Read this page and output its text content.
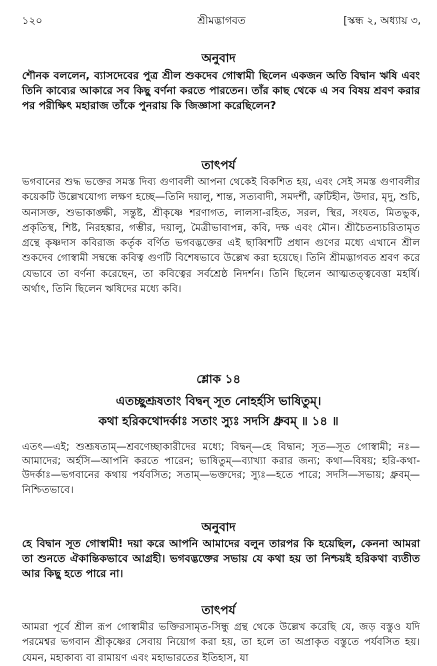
১২০	শ্রীমদ্ভাগবত	[স্কন্ধ ২, অধ্যায় ৩,
অনুবাদ

শৌনক বললেন, ব্যাসদেবের পুত্র শ্রীল শুকদেব গোস্বামী ছিলেন একজন অতি বিদ্বান ঋষি এবং তিনি কাব্যের আকারে সব কিছু বর্ণনা করতে পারতেন। তাঁর কাছ থেকে এ সব বিষয় শ্রবণ করার পর পরীক্ষিৎ মহারাজ তাঁকে পুনরায় কি জিজ্ঞাসা করেছিলেন?

তাৎপর্য

ভগবানের শুদ্ধ ভক্তের সমস্ত দিব্য গুণাবলী আপনা থেকেই বিকশিত হয়, এবং সেই সমস্ত গুণাবলীর কয়েকটি উল্লেখযোগ্য লক্ষণ হচ্ছে—তিনি দয়ালু, শান্ত, সত্যবাদী, সমদর্শী, ত্রুটিহীন, উদার, মৃদু, শুচি, অনাসক্ত, শুভাকাঙ্ক্ষী, সন্তুষ্ট, শ্রীকৃষ্ণে শরণাগত, লালসা-রহিত, সরল, স্থির, সংযত, মিতভুক, প্রকৃতিস্থ, শিষ্ট, নিরহঙ্কার, গম্ভীর, দয়ালু, মৈত্রীভাবাপন্ন, কবি, দক্ষ এবং মৌন। শ্রীচৈতন্যচরিতামৃত গ্রন্থে কৃষ্ণদাস কবিরাজ কর্তৃক বর্ণিত ভগবদ্ভক্তের এই ছাব্বিশটি প্রধান গুণের মধ্যে এখানে শ্রীল শুকদেব গোস্বামী সম্বন্ধে কবিত্ব গুণটি বিশেষভাবে উল্লেখ করা হয়েছে। তিনি শ্রীমদ্ভাগবত শ্রবণ করে যেভাবে তা বর্ণনা করেছেন, তা কবিত্বের সর্বশ্রেষ্ঠ নিদর্শন। তিনি ছিলেন আত্মতত্ত্ববেত্তা মহর্ষি। অর্থাৎ, তিনি ছিলেন ঋষিদের মধ্যে কবি।

শ্লোক ১৪
এতচ্ছুশ্রূষতাং বিদ্বন্ সূত নোহর্হসি ভাষিতুম্।
কথা হরিকথোদর্কাঃ সতাং স্যুঃ সদসি ধ্রুবম্ ॥ ১৪ ॥

এতৎ—এই; শুশ্রূষতাম্—শ্রবণেচ্ছাকারীদের মধ্যে; বিদ্বন্—হে বিদ্বান; সূত—সূত গোস্বামী; নঃ—আমাদের; অর্হসি—আপনি করতে পারেন; ভাষিতুম্—ব্যাখ্যা করার জন্য; কথা—বিষয়; হরি-কথা-উদর্কাঃ—ভগবানের কথায় পর্যবসিত; সতাম্—ভক্তদের; স্যুঃ—হতে পারে; সদসি—সভায়; ধ্রুবম্—নিশ্চিতভাবে।

অনুবাদ

হে বিদ্বান সূত গোস্বামী! দয়া করে আপনি আমাদের বলুন তারপর কি হয়েছিল, কেননা আমরা তা শুনতে ঐকান্তিকভাবে আগ্রহী। ভগবদ্ভক্তের সভায় যে কথা হয় তা নিশ্চয়ই হরিকথা ব্যতীত আর কিছু হতে পারে না।

তাৎপর্য

আমরা পূর্বে শ্রীল রূপ গোস্বামীর ভক্তিরসামৃত-সিন্ধু গ্রন্থ থেকে উল্লেখ করেছি যে, জড় বস্তুও যদি পরমেশ্বর ভগবান শ্রীকৃষ্ণের সেবায় নিয়োগ করা হয়, তা হলে তা অপ্রাকৃত বস্তুতে পর্যবসিত হয়। যেমন, মহাকাব্য বা রামায়ণ এবং মহাভারতের ইতিহাস, যা
